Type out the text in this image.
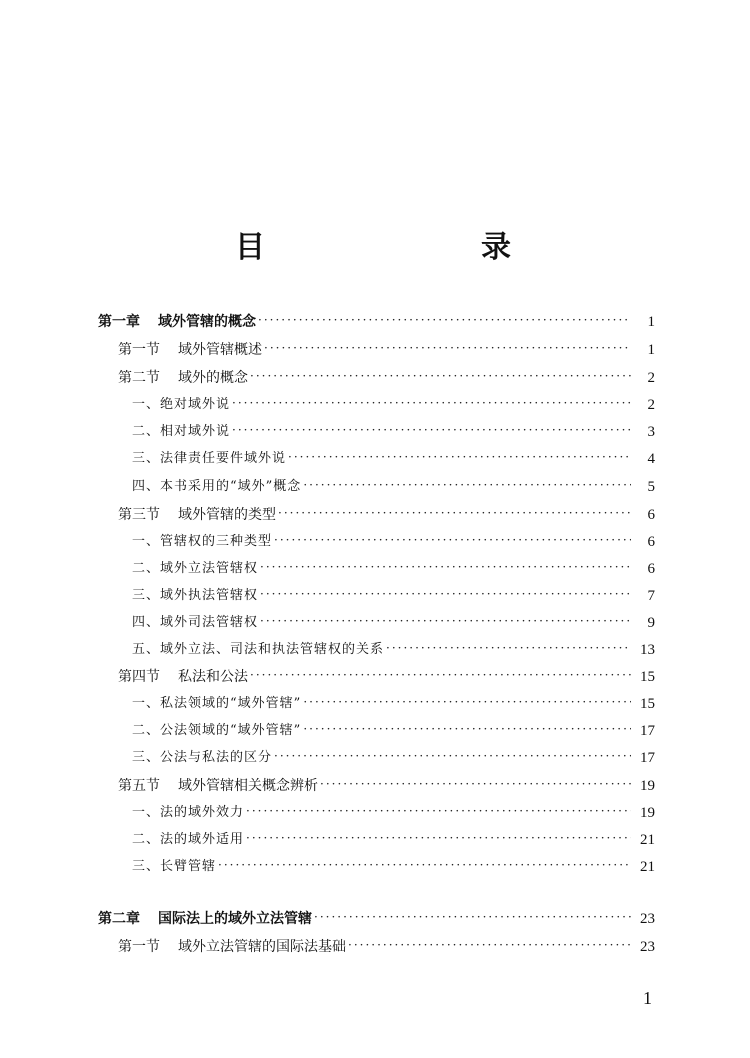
目　　录
第一章 域外管辖的概念 ·····	1
第一节 域外管辖概述 ·····	1
第二节 域外的概念 ·····	2
一、绝对域外说 ·····	2
二、相对域外说 ·····	3
三、法律责任要件域外说 ·····	4
四、本书采用的“域外”概念 ·····	5
第三节 域外管辖的类型 ·····	6
一、管辖权的三种类型 ·····	6
二、域外立法管辖权 ·····	6
三、域外执法管辖权 ·····	7
四、域外司法管辖权 ·····	9
五、域外立法、司法和执法管辖权的关系 ·····	13
第四节 私法和公法 ·····	15
一、私法领域的“域外管辖” ·····	15
二、公法领域的“域外管辖” ·····	17
三、公法与私法的区分 ·····	17
第五节 域外管辖相关概念辨析 ·····	19
一、法的域外效力 ·····	19
二、法的域外适用 ·····	21
三、长臂管辖 ·····	21
第二章 国际法上的域外立法管辖 ·····	23
第一节 域外立法管辖的国际法基础 ·····	23
1
